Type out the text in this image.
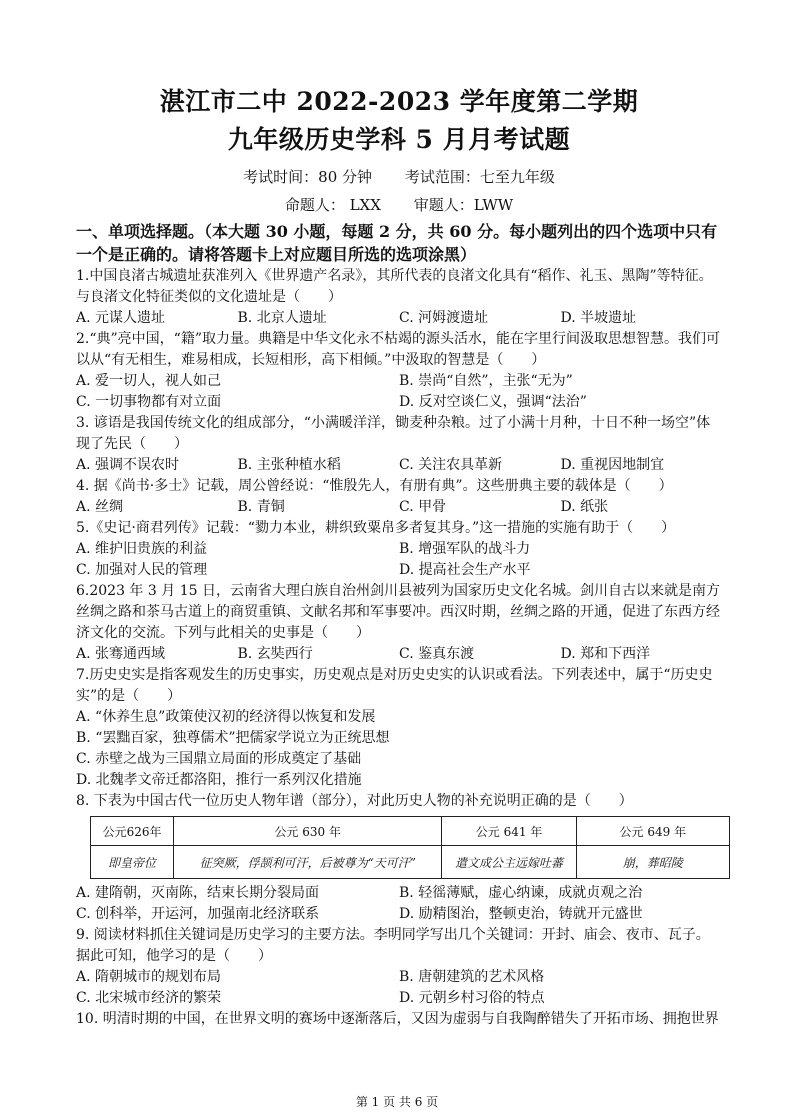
湛江市二中 2022-2023 学年度第二学期
九年级历史学科 5 月月考试题
考试时间：80 分钟 考试范围：七至九年级
命题人： LXX 审题人：LWW
一、单项选择题。（本大题 30 小题，每题 2 分，共 60 分。每小题列出的四个选项中只有一个是正确的。请将答题卡上对应题目所选的选项涂黑）
1.中国良渚古城遗址获准列入《世界遗产名录》，其所代表的良渚文化具有“稻作、礼玉、黑陶”等特征。与良渚文化特征类似的文化遗址是（　　）
A. 元谋人遗址	B. 北京人遗址	C. 河姆渡遗址	D. 半坡遗址
2.“典”亮中国，“籍”取力量。典籍是中华文化永不枯竭的源头活水，能在字里行间汲取思想智慧。我们可以从“有无相生，难易相成，长短相形，高下相倾。”中汲取的智慧是（　　）
A. 爱一切人，视人如己	B. 崇尚“自然”，主张“无为”
C. 一切事物都有对立面	D. 反对空谈仁义，强调“法治”
3. 谚语是我国传统文化的组成部分，“小满暖洋洋，锄麦种杂粮。过了小满十月种，十日不种一场空”体现了先民（　　）
A. 强调不误农时	B. 主张种植水稻	C. 关注农具革新	D. 重视因地制宜
4. 据《尚书·多士》记载，周公曾经说：“惟殷先人，有册有典”。这些册典主要的载体是（　　）
A. 丝绸	B. 青铜	C. 甲骨	D. 纸张
5.《史记·商君列传》记载：“勠力本业，耕织致粟帛多者复其身。”这一措施的实施有助于（　　）
A. 维护旧贵族的利益	B. 增强军队的战斗力
C. 加强对人民的管理	D. 提高社会生产水平
6.2023 年 3 月 15 日，云南省大理白族自治州剑川县被列为国家历史文化名城。剑川自古以来就是南方丝绸之路和茶马古道上的商贸重镇、文献名邦和军事要冲。西汉时期，丝绸之路的开通，促进了东西方经济文化的交流。下列与此相关的史事是（　　）
A. 张骞通西域	B. 玄奘西行	C. 鉴真东渡	D. 郑和下西洋
7.历史史实是指客观发生的历史事实，历史观点是对历史史实的认识或看法。下列表述中，属于“历史史实”的是（　　）
A. “休养生息”政策使汉初的经济得以恢复和发展
B. “罢黜百家，独尊儒术”把儒家学说立为正统思想
C. 赤壁之战为三国鼎立局面的形成奠定了基础
D. 北魏孝文帝迁都洛阳，推行一系列汉化措施
8. 下表为中国古代一位历史人物年谱（部分），对此历史人物的补充说明正确的是（　　）
公元626年	公元 630 年	公元 641 年	公元 649 年
即皇帝位	征突厥，俘颉利可汗，后被尊为“天可汗”	遣文成公主远嫁吐蕃	崩，葬昭陵
A. 建隋朝，灭南陈，结束长期分裂局面	B. 轻徭薄赋，虚心纳谏，成就贞观之治
C. 创科举，开运河，加强南北经济联系	D. 励精图治，整顿吏治，铸就开元盛世
9. 阅读材料抓住关键词是历史学习的主要方法。李明同学写出几个关键词：开封、庙会、夜市、瓦子。据此可知，他学习的是（　　）
A. 隋朝城市的规划布局	B. 唐朝建筑的艺术风格
C. 北宋城市经济的繁荣	D. 元朝乡村习俗的特点
10. 明清时期的中国，在世界文明的赛场中逐渐落后，又因为虚弱与自我陶醉错失了开拓市场、拥抱世界
第 1 页 共 6 页
